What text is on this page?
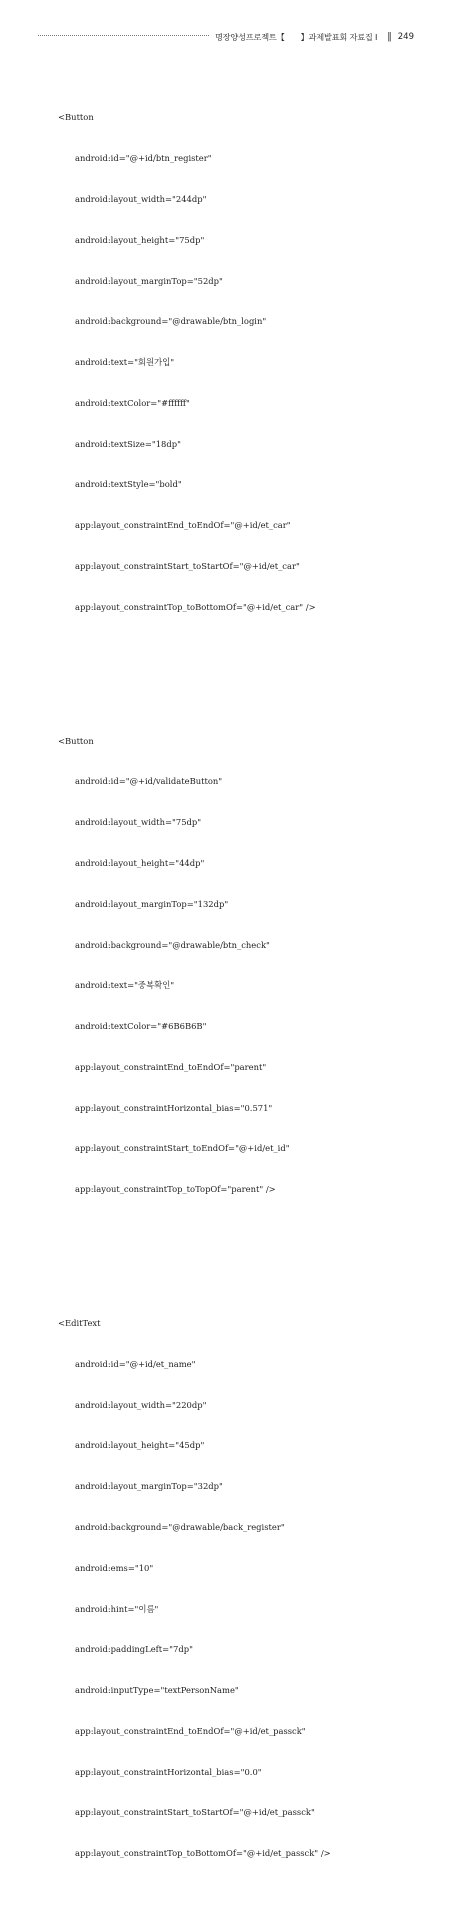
명장양성프로젝트【　　】과제발표회 자료집 Ⅰ ‖ 249

<Button

android:id="@+id/btn_register"

android:layout_width="244dp"

android:layout_height="75dp"

android:layout_marginTop="52dp"

android:background="@drawable/btn_login"

android:text="회원가입"

android:textColor="#ffffff"

android:textSize="18dp"

android:textStyle="bold"

app:layout_constraintEnd_toEndOf="@+id/et_car"

app:layout_constraintStart_toStartOf="@+id/et_car"

app:layout_constraintTop_toBottomOf="@+id/et_car" />

<Button

android:id="@+id/validateButton"

android:layout_width="75dp"

android:layout_height="44dp"

android:layout_marginTop="132dp"

android:background="@drawable/btn_check"

android:text="중복확인"

android:textColor="#6B6B6B"

app:layout_constraintEnd_toEndOf="parent"

app:layout_constraintHorizontal_bias="0.571"

app:layout_constraintStart_toEndOf="@+id/et_id"

app:layout_constraintTop_toTopOf="parent" />

<EditText

android:id="@+id/et_name"

android:layout_width="220dp"

android:layout_height="45dp"

android:layout_marginTop="32dp"

android:background="@drawable/back_register"

android:ems="10"

android:hint="이름"

android:paddingLeft="7dp"

android:inputType="textPersonName"

app:layout_constraintEnd_toEndOf="@+id/et_passck"

app:layout_constraintHorizontal_bias="0.0"

app:layout_constraintStart_toStartOf="@+id/et_passck"

app:layout_constraintTop_toBottomOf="@+id/et_passck" />
